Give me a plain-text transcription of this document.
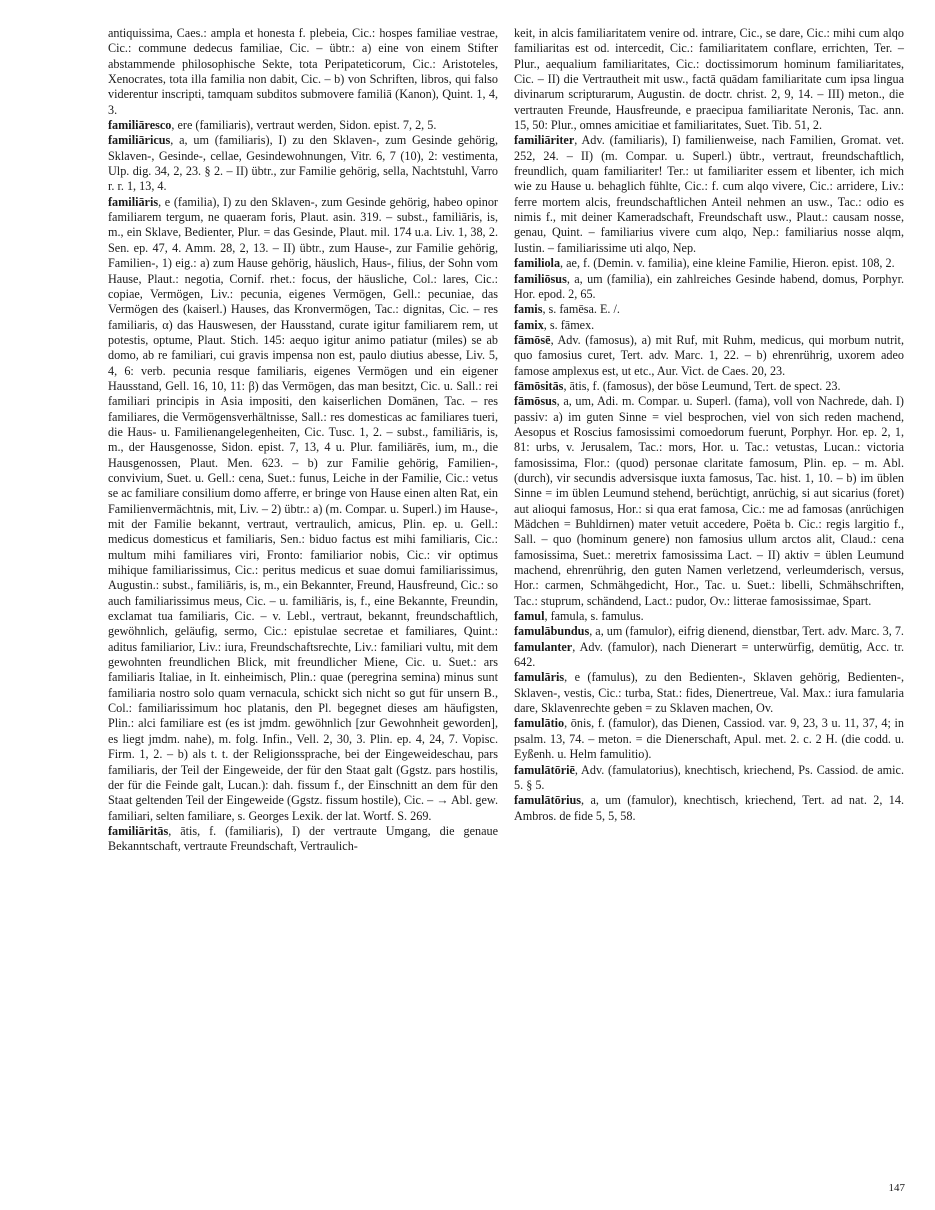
antiquissima, Caes.: ampla et honesta f. plebeia, Cic.: hospes familiae vestrae, Cic.: commune dedecus familiae, Cic. – übtr.: a) eine von einem Stifter abstammende philosophische Sekte, tota Peripateticorum, Cic.: Aristoteles, Xenocrates, tota illa familia non dabit, Cic. – b) von Schriften, libros, qui falso viderentur inscripti, tamquam subditos submovere familiā (Kanon), Quint. 1, 4, 3.

familiāresco, ere (familiaris), vertraut werden, Sidon. epist. 7, 2, 5.

familiāricus, a, um (familiaris), I) zu den Sklaven-, zum Gesinde gehörig, Sklaven-, Gesinde-, cellae, Gesindewohnungen, Vitr. 6, 7 (10), 2: vestimenta, Ulp. dig. 34, 2, 23. § 2. – II) übtr., zur Familie gehörig, sella, Nachtstuhl, Varro r. r. 1, 13, 4.

familiāris, e (familia), I) zu den Sklaven-, zum Gesinde gehörig, habeo opinor familiarem tergum, ne quaeram foris, Plaut. asin. 319. – subst., familiāris, is, m., ein Sklave, Bedienter, Plur. = das Gesinde, Plaut. mil. 174 u.a. Liv. 1, 38, 2. Sen. ep. 47, 4. Amm. 28, 2, 13. – II) übtr., zum Hause-, zur Familie gehörig, Familien-, 1) eig.: a) zum Hause gehörig, häuslich, Haus-, filius, der Sohn vom Hause, Plaut.: negotia, Cornif. rhet.: focus, der häusliche, Col.: lares, Cic.: copiae, Vermögen, Liv.: pecunia, eigenes Vermögen, Gell.: pecuniae, das Vermögen des (kaiserl.) Hauses, das Kronvermögen, Tac.: dignitas, Cic. – res familiaris, α) das Hauswesen, der Hausstand, curate igitur familiarem rem, ut potestis, optume, Plaut. Stich. 145: aequo igitur animo patiatur (miles) se ab domo, ab re familiari, cui gravis impensa non est, paulo diutius abesse, Liv. 5, 4, 6: verb. pecunia resque familiaris, eigenes Vermögen und ein eigener Hausstand, Gell. 16, 10, 11: β) das Vermögen, das man besitzt, Cic. u. Sall.: rei familiari principis in Asia impositi, den kaiserlichen Domänen, Tac. – res familiares, die Vermögensverhältnisse, Sall.: res domesticas ac familiares tueri, die Haus- u. Familienangelegenheiten, Cic. Tusc. 1, 2. – subst., familiāris, is, m., der Hausgenosse, Sidon. epist. 7, 13, 4 u. Plur. familiārēs, ium, m., die Hausgenossen, Plaut. Men. 623. – b) zur Familie gehörig, Familien-, convivium, Suet. u. Gell.: cena, Suet.: funus, Leiche in der Familie, Cic.: vetus se ac familiare consilium domo afferre, er bringe von Hause einen alten Rat, ein Familienvermächtnis, mit, Liv. – 2) übtr.: a) (m. Compar. u. Superl.) im Hause-, mit der Familie bekannt, vertraut, vertraulich, amicus, Plin. ep. u. Gell.: medicus domesticus et familiaris, Sen.: biduo factus est mihi familiaris, Cic.: multum mihi familiares viri, Fronto: familiarior nobis, Cic.: vir optimus mihique familiarissimus, Cic.: peritus medicus et suae domui familiarissimus, Augustin.: subst., familiāris, is, m., ein Bekannter, Freund, Hausfreund, Cic.: so auch familiarissimus meus, Cic. – u. familiāris, is, f., eine Bekannte, Freundin, exclamat tua familiaris, Cic. – v. Lebl., vertraut, bekannt, freundschaftlich, gewöhnlich, geläufig, sermo, Cic.: epistulae secretae et familiares, Quint.: aditus familiarior, Liv.: iura, Freundschaftsrechte, Liv.: familiari vultu, mit dem gewohnten freundlichen Blick, mit freundlicher Miene, Cic. u. Suet.: ars familiaris Italiae, in It. einheimisch, Plin.: quae (peregrina semina) minus sunt familiaria nostro solo quam vernacula, schickt sich nicht so gut für unsern B., Col.: familiarissimum hoc platanis, den Pl. begegnet dieses am häufigsten, Plin.: alci familiare est (es ist jmdm. gewöhnlich [zur Gewohnheit geworden], es liegt jmdm. nahe), m. folg. Infin., Vell. 2, 30, 3. Plin. ep. 4, 24, 7. Vopisc. Firm. 1, 2. – b) als t. t. der Religionssprache, bei der Eingeweideschau, pars familiaris, der Teil der Eingeweide, der für den Staat galt (Ggstz. pars hostilis, der für die Feinde galt, Lucan.): dah. fissum f., der Einschnitt an dem für den Staat geltenden Teil der Eingeweide (Ggstz. fissum hostile), Cic. – → Abl. gew. familiari, selten familiare, s. Georges Lexik. der lat. Wortf. S. 269.

familiāritās, ātis, f. (familiaris), I) der vertraute Umgang, die genaue Bekanntschaft, vertraute Freundschaft, Vertraulich-

keit, in alcis familiaritatem venire od. intrare, Cic., se dare, Cic.: mihi cum alqo familiaritas est od. intercedit, Cic.: familiaritatem conflare, errichten, Ter. – Plur., aequalium familiaritates, Cic.: doctissimorum hominum familiaritates, Cic. – II) die Vertrautheit mit usw., factā quādam familiaritate cum ipsa lingua divinarum scripturarum, Augustin. de doctr. christ. 2, 9, 14. – III) meton., die vertrauten Freunde, Hausfreunde, e praecipua familiaritate Neronis, Tac. ann. 15, 50: Plur., omnes amicitiae et familiaritates, Suet. Tib. 51, 2.

familiāriter, Adv. (familiaris), I) familienweise, nach Familien, Gromat. vet. 252, 24. – II) (m. Compar. u. Superl.) übtr., vertraut, freundschaftlich, freundlich, quam familiariter! Ter.: ut familiariter essem et libenter, ich mich wie zu Hause u. behaglich fühlte, Cic.: f. cum alqo vivere, Cic.: arridere, Liv.: ferre mortem alcis, freundschaftlichen Anteil nehmen an usw., Tac.: odio es nimis f., mit deiner Kameradschaft, Freundschaft usw., Plaut.: causam nosse, genau, Quint. – familiarius vivere cum alqo, Nep.: familiarius nosse alqm, Iustin. – familiarissime uti alqo, Nep.

familiola, ae, f. (Demin. v. familia), eine kleine Familie, Hieron. epist. 108, 2.

familiōsus, a, um (familia), ein zahlreiches Gesinde habend, domus, Porphyr. Hor. epod. 2, 65.

famis, s. famēsa. E. /.

famix, s. fāmex.

fāmōsē, Adv. (famosus), a) mit Ruf, mit Ruhm, medicus, qui morbum nutrit, quo famosius curet, Tert. adv. Marc. 1, 22. – b) ehrenrührig, uxorem adeo famose amplexus est, ut etc., Aur. Vict. de Caes. 20, 23.

fāmōsitās, ātis, f. (famosus), der böse Leumund, Tert. de spect. 23.

fāmōsus, a, um, Adi. m. Compar. u. Superl. (fama), voll von Nachrede, dah. I) passiv: a) im guten Sinne = viel besprochen, viel von sich reden machend, Aesopus et Roscius famosissimi comoedorum fuerunt, Porphyr. Hor. ep. 2, 1, 81: urbs, v. Jerusalem, Tac.: mors, Hor. u. Tac.: vetustas, Lucan.: victoria famosissima, Flor.: (quod) personae claritate famosum, Plin. ep. – m. Abl. (durch), vir secundis adversisque iuxta famosus, Tac. hist. 1, 10. – b) im üblen Sinne = im üblen Leumund stehend, berüchtigt, anrüchig, si aut sicarius (foret) aut alioqui famosus, Hor.: si qua erat famosa, Cic.: me ad famosas (anrüchigen Mädchen = Buhldirnen) mater vetuit accedere, Poëta b. Cic.: regis largitio f., Sall. – quo (hominum genere) non famosius ullum arctos alit, Claud.: cena famosissima, Suet.: meretrix famosissima Lact. – II) aktiv = üblen Leumund machend, ehrenrührig, den guten Namen verletzend, verleumderisch, versus, Hor.: carmen, Schmähgedicht, Hor., Tac. u. Suet.: libelli, Schmähschriften, Tac.: stuprum, schändend, Lact.: pudor, Ov.: litterae famosissimae, Spart.

famul, famula, s. famulus.

famulābundus, a, um (famulor), eifrig dienend, dienstbar, Tert. adv. Marc. 3, 7.

famulanter, Adv. (famulor), nach Dienerart = unterwürfig, demütig, Acc. tr. 642.

famulāris, e (famulus), zu den Bedienten-, Sklaven gehörig, Bedienten-, Sklaven-, vestis, Cic.: turba, Stat.: fides, Dienertreue, Val. Max.: iura famularia dare, Sklavenrechte geben = zu Sklaven machen, Ov.

famulātio, ōnis, f. (famulor), das Dienen, Cassiod. var. 9, 23, 3 u. 11, 37, 4; in psalm. 13, 74. – meton. = die Dienerschaft, Apul. met. 2. c. 2 H. (die codd. u. Eyßenh. u. Helm famulitio).

famulātōriē, Adv. (famulatorius), knechtisch, kriechend, Ps. Cassiod. de amic. 5. § 5.

famulātōrius, a, um (famulor), knechtisch, kriechend, Tert. ad nat. 2, 14. Ambros. de fide 5, 5, 58.

147
